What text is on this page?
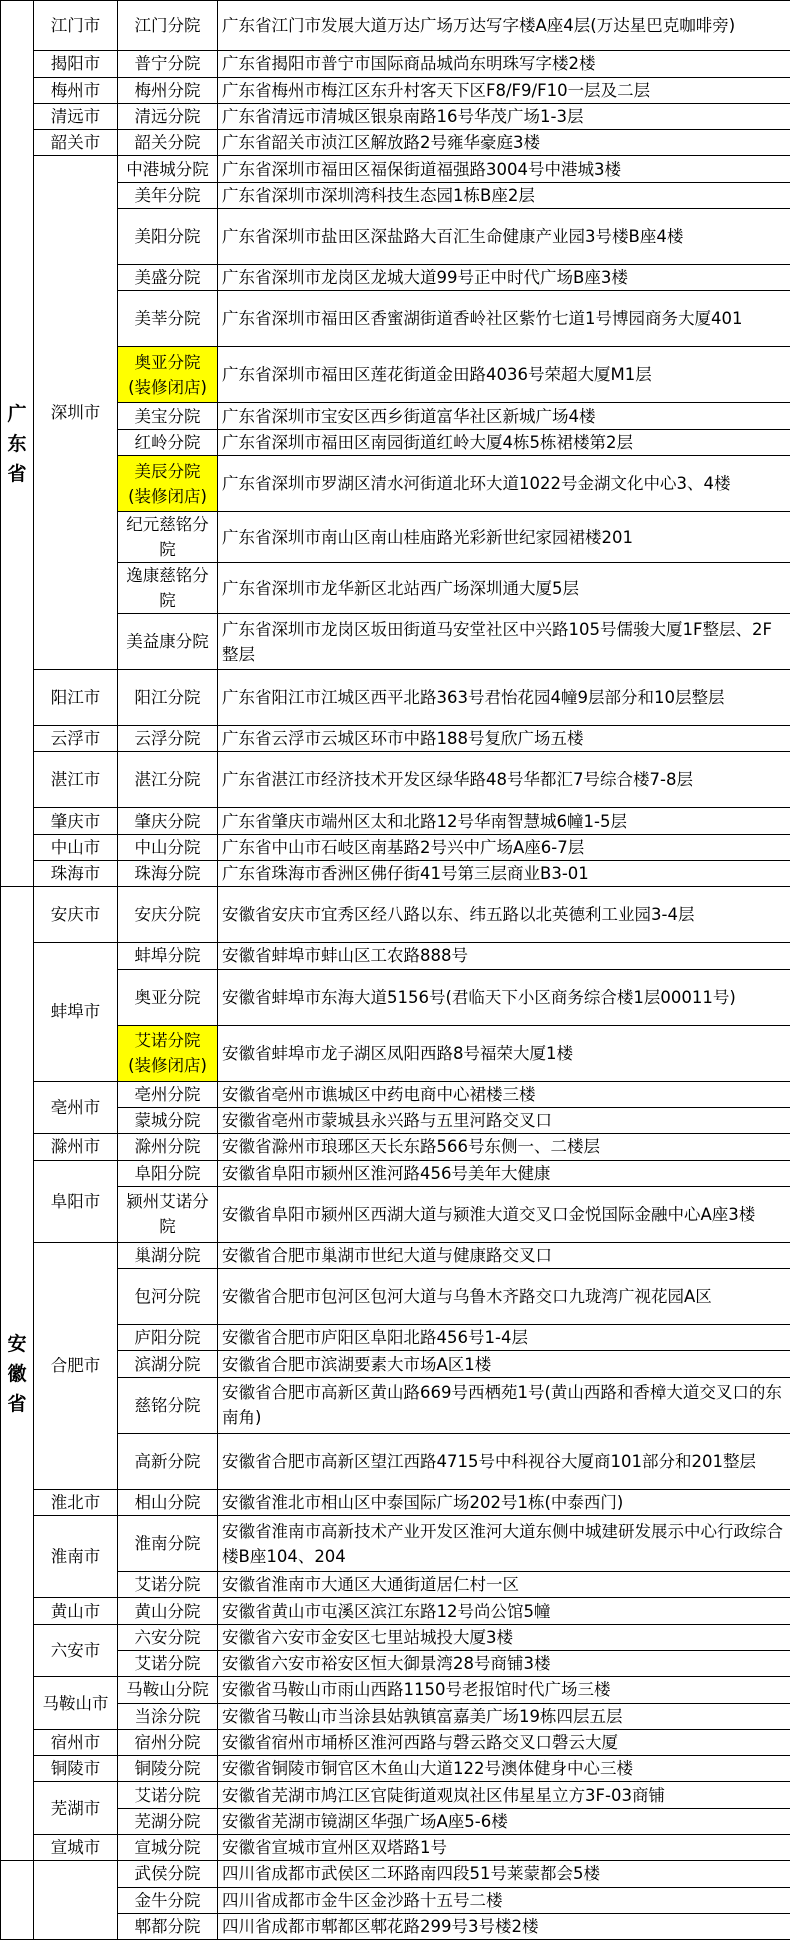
广
东
省	江门市	江门分院	广东省江门市发展大道万达广场万达写字楼A座4层(万达星巴克咖啡旁)
	揭阳市	普宁分院	广东省揭阳市普宁市国际商品城尚东明珠写字楼2楼
	梅州市	梅州分院	广东省梅州市梅江区东升村客天下区F8/F9/F10一层及二层
	清远市	清远分院	广东省清远市清城区银泉南路16号华茂广场1-3层
	韶关市	韶关分院	广东省韶关市浈江区解放路2号雍华豪庭3楼
	深圳市	中港城分院	广东省深圳市福田区福保街道福强路3004号中港城3楼
		美年分院	广东省深圳市深圳湾科技生态园1栋B座2层
		美阳分院	广东省深圳市盐田区深盐路大百汇生命健康产业园3号楼B座4楼
		美盛分院	广东省深圳市龙岗区龙城大道99号正中时代广场B座3楼
		美莘分院	广东省深圳市福田区香蜜湖街道香岭社区紫竹七道1号博园商务大厦401

		奥亚分院
(装修闭店)	广东省深圳市福田区莲花街道金田路4036号荣超大厦M1层
		美宝分院	广东省深圳市宝安区西乡街道富华社区新城广场4楼
		红岭分院	广东省深圳市福田区南园街道红岭大厦4栋5栋裙楼第2层

		美辰分院
(装修闭店)	广东省深圳市罗湖区清水河街道北环大道1022号金湖文化中心3、4楼
		纪元慈铭分院	广东省深圳市南山区南山桂庙路光彩新世纪家园裙楼201
		逸康慈铭分院	广东省深圳市龙华新区北站西广场深圳通大厦5层
		美益康分院	广东省深圳市龙岗区坂田街道马安堂社区中兴路105号儒骏大厦1F整层、2F整层
	阳江市	阳江分院	广东省阳江市江城区西平北路363号君怡花园4幢9层部分和10层整层
	云浮市	云浮分院	广东省云浮市云城区环市中路188号复欣广场五楼
	湛江市	湛江分院	广东省湛江市经济技术开发区绿华路48号华都汇7号综合楼7-8层
	肇庆市	肇庆分院	广东省肇庆市端州区太和北路12号华南智慧城6幢1-5层
	中山市	中山分院	广东省中山市石岐区南基路2号兴中广场A座6-7层
	珠海市	珠海分院	广东省珠海市香洲区佛仔街41号第三层商业B3-01

安
徽
省	安庆市	安庆分院	安徽省安庆市宜秀区经八路以东、纬五路以北英德利工业园3-4层
	蚌埠市	蚌埠分院	安徽省蚌埠市蚌山区工农路888号
		奥亚分院	安徽省蚌埠市东海大道5156号(君临天下小区商务综合楼1层00011号)

		艾诺分院
(装修闭店)	安徽省蚌埠市龙子湖区凤阳西路8号福荣大厦1楼
	亳州市	亳州分院	安徽省亳州市谯城区中药电商中心裙楼三楼
		蒙城分院	安徽省亳州市蒙城县永兴路与五里河路交叉口
	滁州市	滁州分院	安徽省滁州市琅琊区天长东路566号东侧一、二楼层
	阜阳市	阜阳分院	安徽省阜阳市颍州区淮河路456号美年大健康
		颍州艾诺分院	安徽省阜阳市颍州区西湖大道与颍淮大道交叉口金悦国际金融中心A座3楼
	合肥市	巢湖分院	安徽省合肥市巢湖市世纪大道与健康路交叉口
		包河分院	安徽省合肥市包河区包河大道与乌鲁木齐路交口九珑湾广视花园A区
		庐阳分院	安徽省合肥市庐阳区阜阳北路456号1-4层
		滨湖分院	安徽省合肥市滨湖要素大市场A区1楼
		慈铭分院	安徽省合肥市高新区黄山路669号西栖苑1号(黄山西路和香樟大道交叉口的东南角)
		高新分院	安徽省合肥市高新区望江西路4715号中科视谷大厦商101部分和201整层
	淮北市	相山分院	安徽省淮北市相山区中泰国际广场202号1栋(中泰西门)
	淮南市	淮南分院	安徽省淮南市高新技术产业开发区淮河大道东侧中城建研发展示中心行政综合楼B座104、204
		艾诺分院	安徽省淮南市大通区大通街道居仁村一区
	黄山市	黄山分院	安徽省黄山市屯溪区滨江东路12号尚公馆5幢
	六安市	六安分院	安徽省六安市金安区七里站城投大厦3楼
		艾诺分院	安徽省六安市裕安区恒大御景湾28号商铺3楼
	马鞍山市	马鞍山分院	安徽省马鞍山市雨山西路1150号老报馆时代广场三楼
		当涂分院	安徽省马鞍山市当涂县姑孰镇富嘉美广场19栋四层五层
	宿州市	宿州分院	安徽省宿州市埇桥区淮河西路与磬云路交叉口磬云大厦
	铜陵市	铜陵分院	安徽省铜陵市铜官区木鱼山大道122号澳体健身中心三楼
	芜湖市	艾诺分院	安徽省芜湖市鸠江区官陡街道观岚社区伟星星立方3F-03商铺
		芜湖分院	安徽省芜湖市镜湖区华强广场A座5-6楼
	宣城市	宣城分院	安徽省宣城市宣州区双塔路1号
		武侯分院	四川省成都市武侯区二环路南四段51号莱蒙都会5楼
		金牛分院	四川省成都市金牛区金沙路十五号二楼
		郫都分院	四川省成都市郫都区郫花路299号3号楼2楼
